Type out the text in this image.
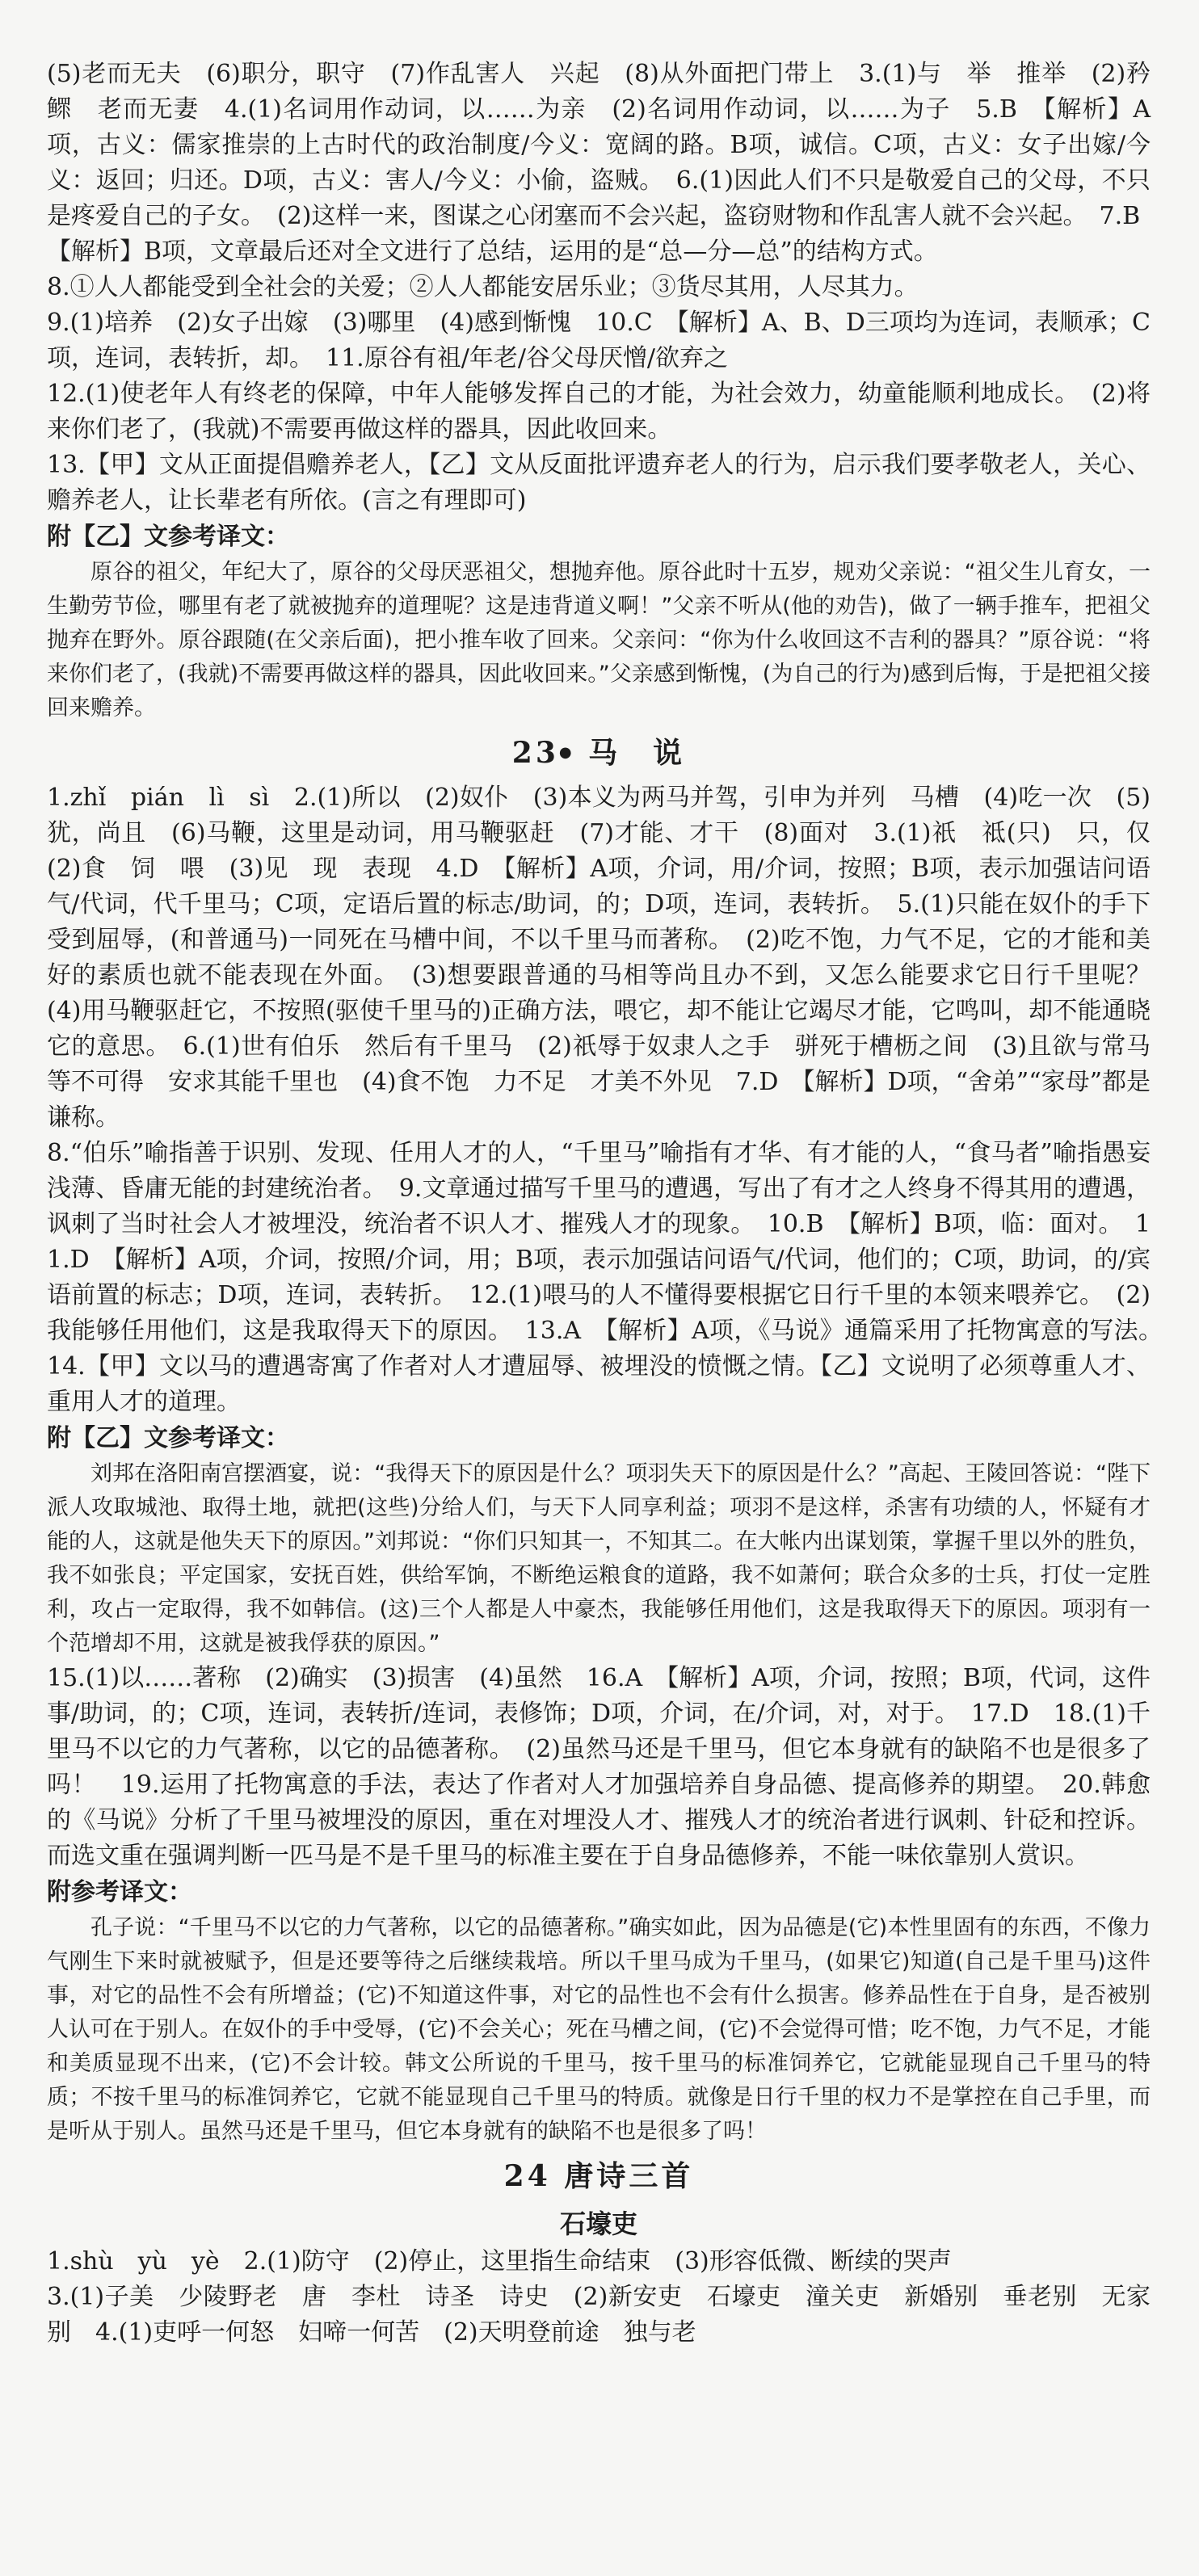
(5)老而无夫　(6)职分，职守　(7)作乱害人　兴起　(8)从外面把门带上　3.(1)与　举　推举　(2)矜　鳏　老而无妻　4.(1)名词用作动词，以……为亲　(2)名词用作动词，以……为子　5.B　【解析】A项，古义：儒家推崇的上古时代的政治制度/今义：宽阔的路。B项，诚信。C项，古义：女子出嫁/今义：返回；归还。D项，古义：害人/今义：小偷，盗贼。　6.(1)因此人们不只是敬爱自己的父母，不只是疼爱自己的子女。　(2)这样一来，图谋之心闭塞而不会兴起，盗窃财物和作乱害人就不会兴起。　7.B

【解析】B项，文章最后还对全文进行了总结，运用的是“总—分—总”的结构方式。

8.①人人都能受到全社会的关爱；②人人都能安居乐业；③货尽其用，人尽其力。

9.(1)培养　(2)女子出嫁　(3)哪里　(4)感到惭愧　10.C　【解析】A、B、D三项均为连词，表顺承；C项，连词，表转折，却。　11.原谷有祖/年老/谷父母厌憎/欲弃之

12.(1)使老年人有终老的保障，中年人能够发挥自己的才能，为社会效力，幼童能顺利地成长。　(2)将来你们老了，(我就)不需要再做这样的器具，因此收回来。

13.【甲】文从正面提倡赡养老人，【乙】文从反面批评遗弃老人的行为，启示我们要孝敬老人，关心、赡养老人，让长辈老有所依。(言之有理即可)

附【乙】文参考译文：

原谷的祖父，年纪大了，原谷的父母厌恶祖父，想抛弃他。原谷此时十五岁，规劝父亲说：“祖父生儿育女，一生勤劳节俭，哪里有老了就被抛弃的道理呢？这是违背道义啊！”父亲不听从(他的劝告)，做了一辆手推车，把祖父抛弃在野外。原谷跟随(在父亲后面)，把小推车收了回来。父亲问：“你为什么收回这不吉利的器具？”原谷说：“将来你们老了，(我就)不需要再做这样的器具，因此收回来。”父亲感到惭愧，(为自己的行为)感到后悔，于是把祖父接回来赡养。

23● 马　说

1.zhǐ　pián　lì　sì　2.(1)所以　(2)奴仆　(3)本义为两马并驾，引申为并列　马槽　(4)吃一次　(5)犹，尚且　(6)马鞭，这里是动词，用马鞭驱赶　(7)才能、才干　(8)面对　3.(1)祇　祗(只)　只，仅　(2)食　饲　喂　(3)见　现　表现　4.D　【解析】A项，介词，用/介词，按照；B项，表示加强诘问语气/代词，代千里马；C项，定语后置的标志/助词，的；D项，连词，表转折。　5.(1)只能在奴仆的手下受到屈辱，(和普通马)一同死在马槽中间，不以千里马而著称。　(2)吃不饱，力气不足，它的才能和美好的素质也就不能表现在外面。　(3)想要跟普通的马相等尚且办不到，又怎么能要求它日行千里呢？　(4)用马鞭驱赶它，不按照(驱使千里马的)正确方法，喂它，却不能让它竭尽才能，它鸣叫，却不能通晓它的意思。　6.(1)世有伯乐　然后有千里马　(2)祇辱于奴隶人之手　骈死于槽枥之间　(3)且欲与常马等不可得　安求其能千里也　(4)食不饱　力不足　才美不外见　7.D　【解析】D项，“舍弟”“家母”都是谦称。

8.“伯乐”喻指善于识别、发现、任用人才的人，“千里马”喻指有才华、有才能的人，“食马者”喻指愚妄浅薄、昏庸无能的封建统治者。　9.文章通过描写千里马的遭遇，写出了有才之人终身不得其用的遭遇，讽刺了当时社会人才被埋没，统治者不识人才、摧残人才的现象。　10.B　【解析】B项，临：面对。　11.D　【解析】A项，介词，按照/介词，用；B项，表示加强诘问语气/代词，他们的；C项，助词，的/宾语前置的标志；D项，连词，表转折。　12.(1)喂马的人不懂得要根据它日行千里的本领来喂养它。　(2)我能够任用他们，这是我取得天下的原因。　13.A　【解析】A项，《马说》通篇采用了托物寓意的写法。　14.【甲】文以马的遭遇寄寓了作者对人才遭屈辱、被埋没的愤慨之情。【乙】文说明了必须尊重人才、重用人才的道理。

附【乙】文参考译文：

刘邦在洛阳南宫摆酒宴，说：“我得天下的原因是什么？项羽失天下的原因是什么？”高起、王陵回答说：“陛下派人攻取城池、取得土地，就把(这些)分给人们，与天下人同享利益；项羽不是这样，杀害有功绩的人，怀疑有才能的人，这就是他失天下的原因。”刘邦说：“你们只知其一，不知其二。在大帐内出谋划策，掌握千里以外的胜负，我不如张良；平定国家，安抚百姓，供给军饷，不断绝运粮食的道路，我不如萧何；联合众多的士兵，打仗一定胜利，攻占一定取得，我不如韩信。(这)三个人都是人中豪杰，我能够任用他们，这是我取得天下的原因。项羽有一个范增却不用，这就是被我俘获的原因。”

15.(1)以……著称　(2)确实　(3)损害　(4)虽然　16.A　【解析】A项，介词，按照；B项，代词，这件事/助词，的；C项，连词，表转折/连词，表修饰；D项，介词，在/介词，对，对于。　17.D　18.(1)千里马不以它的力气著称，以它的品德著称。　(2)虽然马还是千里马，但它本身就有的缺陷不也是很多了吗！　19.运用了托物寓意的手法，表达了作者对人才加强培养自身品德、提高修养的期望。　20.韩愈的《马说》分析了千里马被埋没的原因，重在对埋没人才、摧残人才的统治者进行讽刺、针砭和控诉。而选文重在强调判断一匹马是不是千里马的标准主要在于自身品德修养，不能一味依靠别人赏识。

附参考译文：

孔子说：“千里马不以它的力气著称，以它的品德著称。”确实如此，因为品德是(它)本性里固有的东西，不像力气刚生下来时就被赋予，但是还要等待之后继续栽培。所以千里马成为千里马，(如果它)知道(自己是千里马)这件事，对它的品性不会有所增益；(它)不知道这件事，对它的品性也不会有什么损害。修养品性在于自身，是否被别人认可在于别人。在奴仆的手中受辱，(它)不会关心；死在马槽之间，(它)不会觉得可惜；吃不饱，力气不足，才能和美质显现不出来，(它)不会计较。韩文公所说的千里马，按千里马的标准饲养它，它就能显现自己千里马的特质；不按千里马的标准饲养它，它就不能显现自己千里马的特质。就像是日行千里的权力不是掌控在自己手里，而是听从于别人。虽然马还是千里马，但它本身就有的缺陷不也是很多了吗！

24 唐诗三首
石壕吏

1.shù　yù　yè　2.(1)防守　(2)停止，这里指生命结束　(3)形容低微、断续的哭声

3.(1)子美　少陵野老　唐　李杜　诗圣　诗史　(2)新安吏　石壕吏　潼关吏　新婚别　垂老别　无家别　4.(1)吏呼一何怒　妇啼一何苦　(2)天明登前途　独与老
